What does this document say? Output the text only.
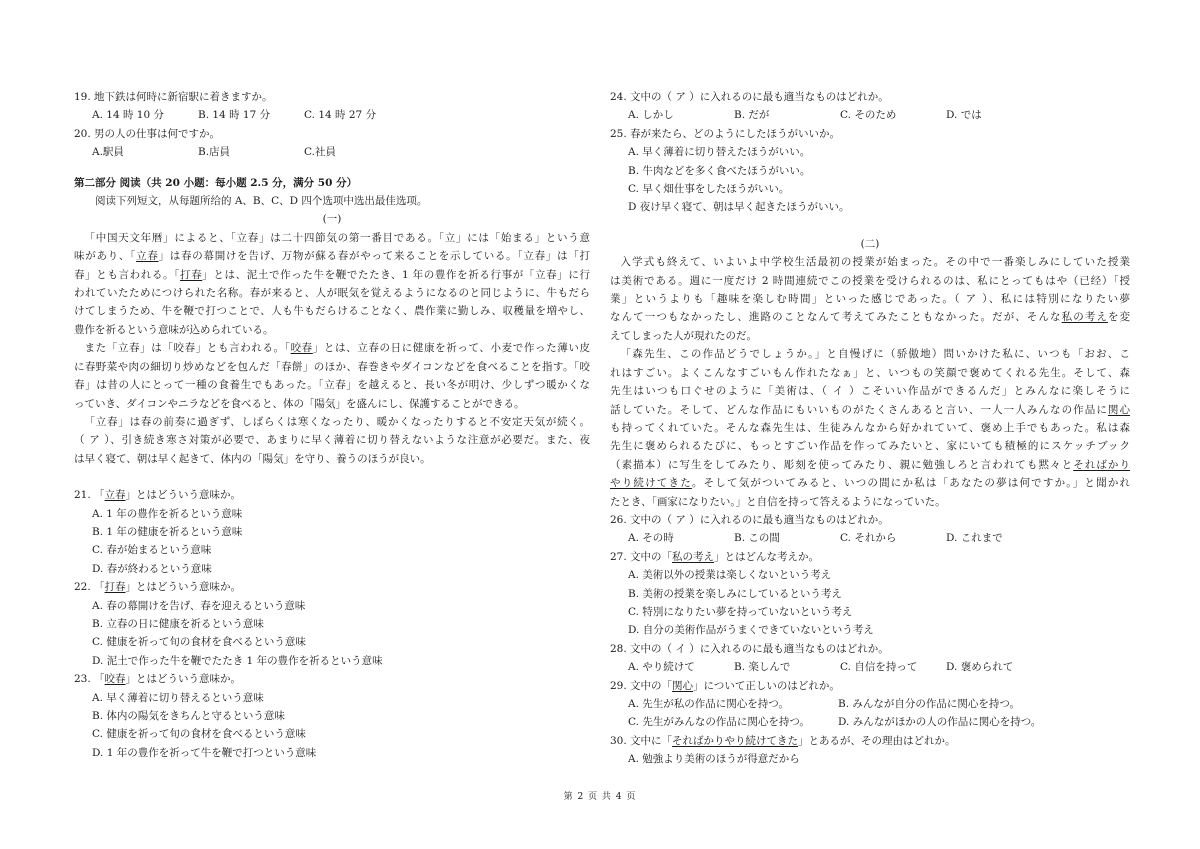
19. 地下鉄は何時に新宿駅に着きますか。
A. 14 時 10 分	B. 14 時 17 分	C. 14 時 27 分
20. 男の人の仕事は何ですか。
A.駅員	B.店員	C.社員
第二部分 阅读（共 20 小题：每小题 2.5 分，满分 50 分）
阅读下列短文，从每题所给的 A、B、C、D 四个选项中选出最佳选项。
(一)
「中国天文年暦」によると、「立春」は二十四節気の第一番目である。「立」には「始まる」という意
味があり、「立春」は春の幕開けを告げ、万物が蘇る春がやって来ることを示している。「立春」は「打
春」とも言われる。「打春」とは、泥土で作った牛を鞭でたたき、1 年の豊作を祈る行事が「立春」に行
われていたためにつけられた名称。春が来ると、人が眠気を覚えるようになるのと同じように、牛もだら
けてしまうため、牛を鞭で打つことで、人も牛もだらけることなく、農作業に勤しみ、収穫量を増やし、
豊作を祈るという意味が込められている。
また「立春」は「咬春」とも言われる。「咬春」とは、立春の日に健康を祈って、小麦で作った薄い皮
に春野菜や肉の細切り炒めなどを包んだ「春餅」のほか、春巻きやダイコンなどを食べることを指す。「咬
春」は昔の人にとって一種の食養生でもあった。「立春」を越えると、長い冬が明け、少しずつ暖かくな
っていき、ダイコンやニラなどを食べると、体の「陽気」を盛んにし、保護することができる。
「立春」は春の前奏に過ぎず、しばらくは寒くなったり、暖かくなったりすると不安定天気が続く。
（ ア ）、引き続き寒さ対策が必要で、あまりに早く薄着に切り替えないような注意が必要だ。また、夜
は早く寝て、朝は早く起きて、体内の「陽気」を守り、養うのほうが良い。
21. 「立春」とはどういう意味か。
A. 1 年の豊作を祈るという意味
B. 1 年の健康を祈るという意味
C. 春が始まるという意味
D. 春が終わるという意味
22. 「打春」とはどういう意味か。
A. 春の幕開けを告げ、春を迎えるという意味
B. 立春の日に健康を祈るという意味
C. 健康を祈って旬の食材を食べるという意味
D. 泥土で作った牛を鞭でたたき 1 年の豊作を祈るという意味
23. 「咬春」とはどういう意味か。
A. 早く薄着に切り替えるという意味
B. 体内の陽気をきちんと守るという意味
C. 健康を祈って旬の食材を食べるという意味
D. 1 年の豊作を祈って牛を鞭で打つという意味
24. 文中の（ ア ）に入れるのに最も適当なものはどれか。
A. しかし	B. だが	C. そのため	D. では
25. 春が来たら、どのようにしたほうがいいか。
A. 早く薄着に切り替えたほうがいい。
B. 牛肉などを多く食べたほうがいい。
C. 早く畑仕事をしたほうがいい。
D 夜け早く寝て、朝は早く起きたほうがいい。
(二)
入学式も終えて、いよいよ中学校生活最初の授業が始まった。その中で一番楽しみにしていた授業
は美術である。週に一度だけ 2 時間連続でこの授業を受けられるのは、私にとってもはや（已经）「授
業」というよりも「趣味を楽しむ時間」といった感じであった。（ ア ）、私には特別になりたい夢
なんて一つもなかったし、進路のことなんて考えてみたこともなかった。だが、そんな私の考えを変
えてしまった人が現れたのだ。
「森先生、この作品どうでしょうか。」と自慢げに（骄傲地）問いかけた私に、いつも「おお、こ
れはすごい。よくこんなすごいもん作れたなぁ」と、いつもの笑顔で褒めてくれる先生。そして、森
先生はいつも口ぐせのように「美術は、（ イ ）こそいい作品ができるんだ」とみんなに楽しそうに
話していた。そして、どんな作品にもいいものがたくさんあると言い、一人一人みんなの作品に関心
も持ってくれていた。そんな森先生は、生徒みんなから好かれていて、褒め上手でもあった。私は森
先生に褒められるたびに、もっとすごい作品を作ってみたいと、家にいても積極的にスケッチブック
（素描本）に写生をしてみたり、彫刻を使ってみたり、親に勉強しろと言われても黙々とそればかり
やり続けてきた。そして気がついてみると、いつの間にか私は「あなたの夢は何ですか。」と聞かれ
たとき、「画家になりたい。」と自信を持って答えるようになっていた。
26. 文中の（ ア ）に入れるのに最も適当なものはどれか。
A. その時	B. この間	C. それから	D. これまで
27. 文中の「私の考え」とはどんな考えか。
A. 美術以外の授業は楽しくないという考え
B. 美術の授業を楽しみにしているという考え
C. 特別になりたい夢を持っていないという考え
D. 自分の美術作品がうまくできていないという考え
28. 文中の（ イ ）に入れるのに最も適当なものはどれか。
A. やり続けて	B. 楽しんで	C. 自信を持って	D. 褒められて
29. 文中の「関心」について正しいのはどれか。
A. 先生が私の作品に関心を持つ。	B. みんなが自分の作品に関心を持つ。
C. 先生がみんなの作品に関心を持つ。	D. みんながほかの人の作品に関心を持つ。
30. 文中に「そればかりやり続けてきた」とあるが、その理由はどれか。
A. 勉強より美術のほうが得意だから
第 2 页 共 4 页
